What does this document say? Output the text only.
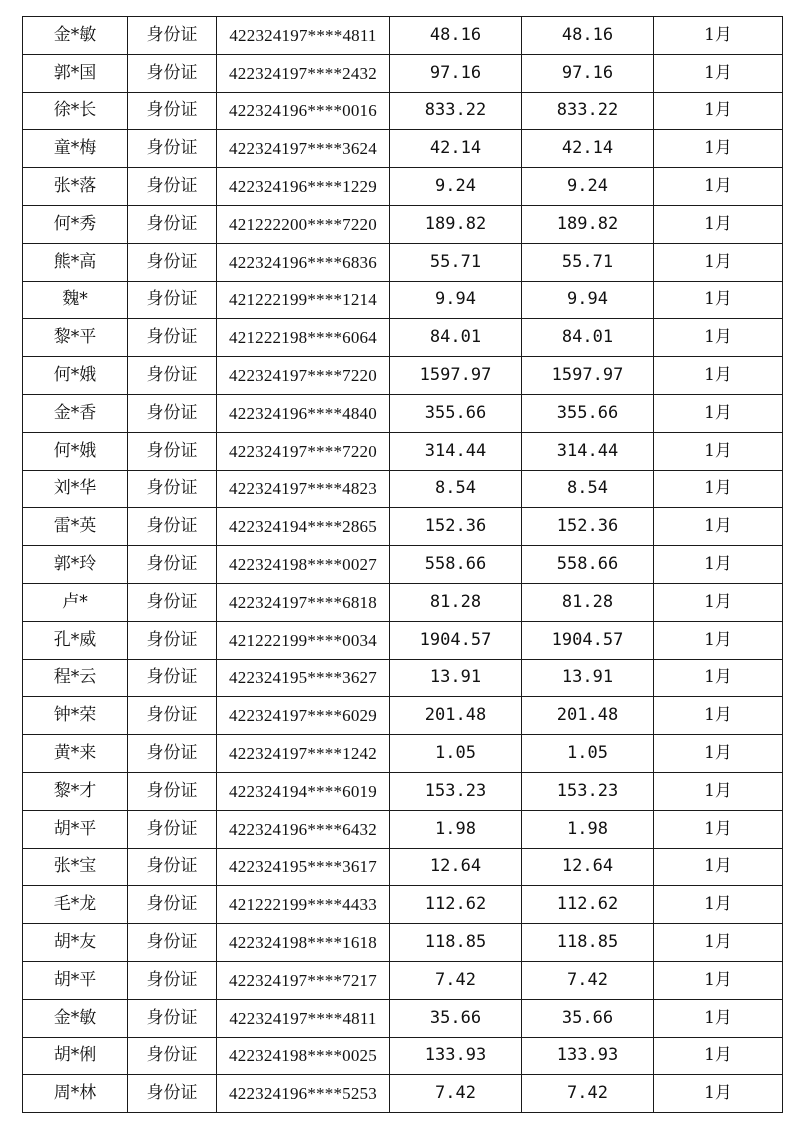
金*敏	身份证	422324197****4811	48.16	48.16	1月
郭*国	身份证	422324197****2432	97.16	97.16	1月
徐*长	身份证	422324196****0016	833.22	833.22	1月
童*梅	身份证	422324197****3624	42.14	42.14	1月
张*落	身份证	422324196****1229	9.24	9.24	1月
何*秀	身份证	421222200****7220	189.82	189.82	1月
熊*高	身份证	422324196****6836	55.71	55.71	1月
魏*	身份证	421222199****1214	9.94	9.94	1月
黎*平	身份证	421222198****6064	84.01	84.01	1月
何*娥	身份证	422324197****7220	1597.97	1597.97	1月
金*香	身份证	422324196****4840	355.66	355.66	1月
何*娥	身份证	422324197****7220	314.44	314.44	1月
刘*华	身份证	422324197****4823	8.54	8.54	1月
雷*英	身份证	422324194****2865	152.36	152.36	1月
郭*玲	身份证	422324198****0027	558.66	558.66	1月
卢*	身份证	422324197****6818	81.28	81.28	1月
孔*威	身份证	421222199****0034	1904.57	1904.57	1月
程*云	身份证	422324195****3627	13.91	13.91	1月
钟*荣	身份证	422324197****6029	201.48	201.48	1月
黄*来	身份证	422324197****1242	1.05	1.05	1月
黎*才	身份证	422324194****6019	153.23	153.23	1月
胡*平	身份证	422324196****6432	1.98	1.98	1月
张*宝	身份证	422324195****3617	12.64	12.64	1月
毛*龙	身份证	421222199****4433	112.62	112.62	1月
胡*友	身份证	422324198****1618	118.85	118.85	1月
胡*平	身份证	422324197****7217	7.42	7.42	1月
金*敏	身份证	422324197****4811	35.66	35.66	1月
胡*俐	身份证	422324198****0025	133.93	133.93	1月
周*林	身份证	422324196****5253	7.42	7.42	1月
